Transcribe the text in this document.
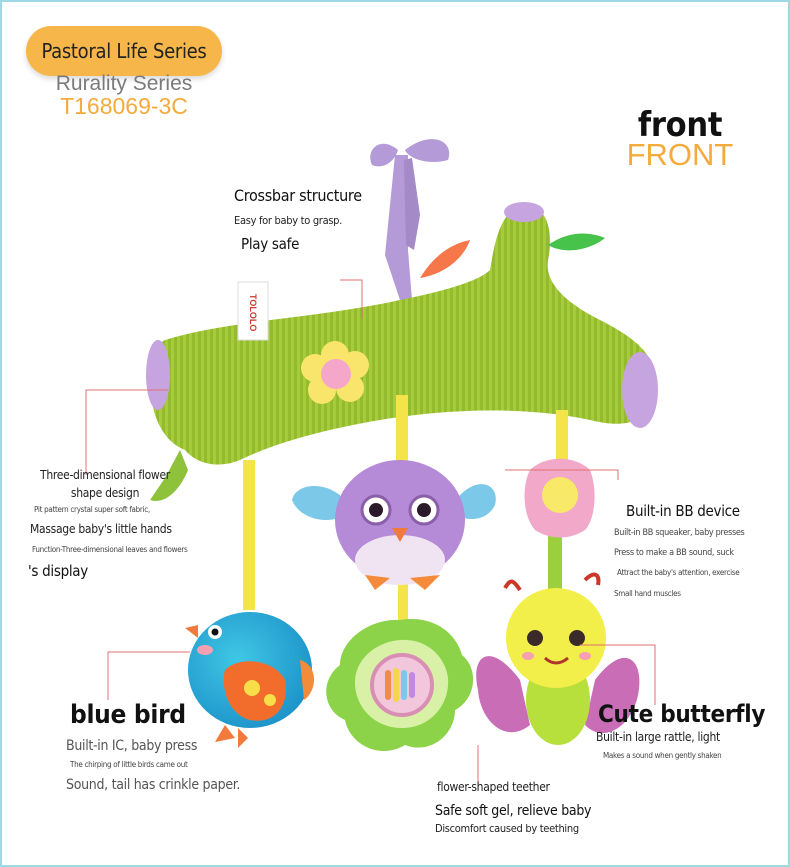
Pastoral Life Series
Rurality Series
T168069-3C	front
FRONT
TOLOLO
Crossbar structure
Easy for baby to grasp.
Play safe
Three-dimensional flower
shape design
Pit pattern crystal super soft fabric,
Massage baby's little hands
Function-Three-dimensional leaves and flowers
's display
Built-in BB device
Built-in BB squeaker, baby presses
Press to make a BB sound, suck
Attract the baby's attention, exercise
Small hand muscles
blue bird
Built-in IC, baby press
The chirping of little birds came out
Sound, tail has crinkle paper.	flower-shaped teether
Safe soft gel, relieve baby
Discomfort caused by teething
Cute butterfly
Built-in large rattle, light
Makes a sound when gently shaken
